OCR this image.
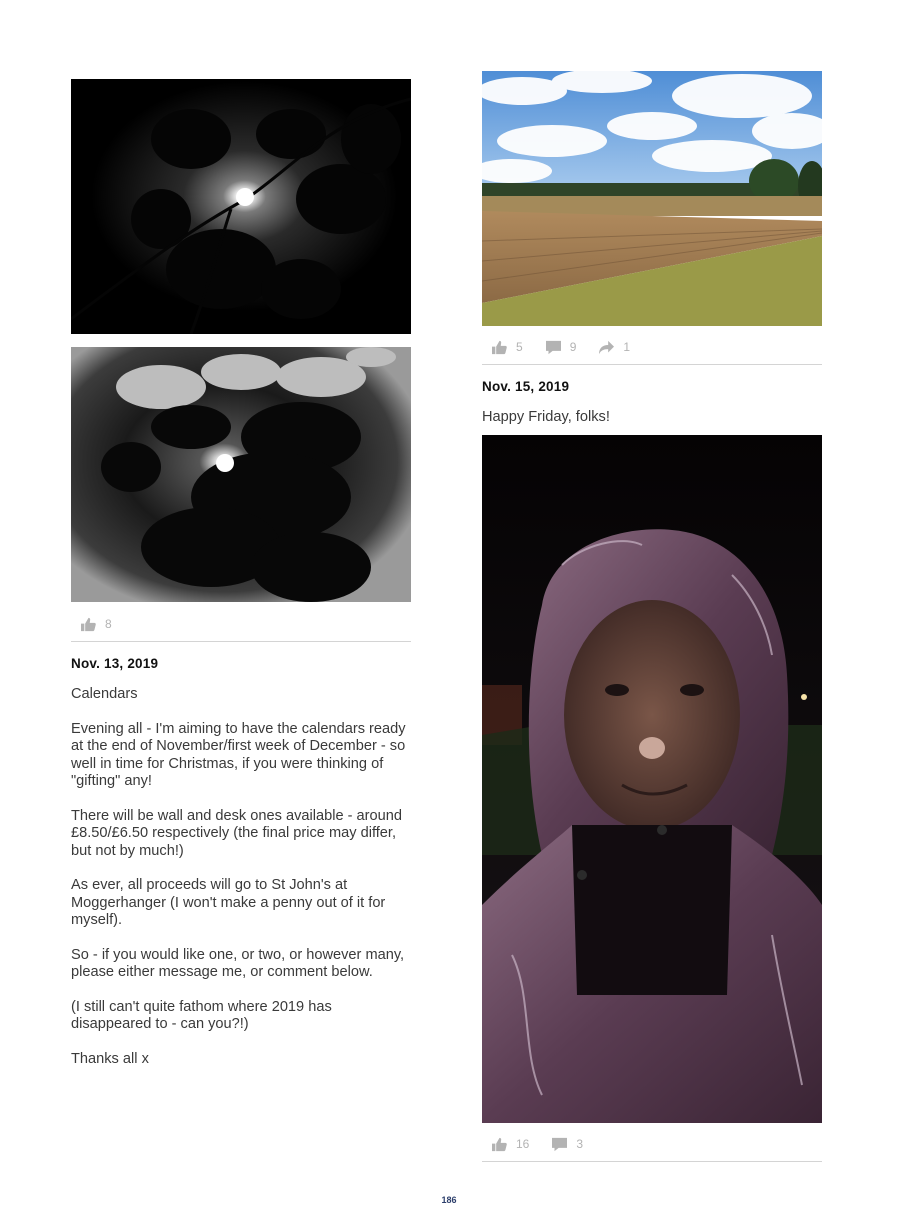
8
Nov. 13, 2019

Calendars

Evening all - I'm aiming to have the calendars ready at the end of November/first week of December - so well in time for Christmas, if you were thinking of "gifting" any!

There will be wall and desk ones available - around £8.50/£6.50 respectively (the final price may differ, but not by much!)

As ever, all proceeds will go to St John's at Moggerhanger (I won't make a penny out of it for myself).

So - if you would like one, or two, or however many, please either message me, or comment below.

(I still can't quite fathom where 2019 has disappeared to - can you?!)

Thanks all x

5	9	1
Nov. 15, 2019
Happy Friday, folks!
16	3
186
